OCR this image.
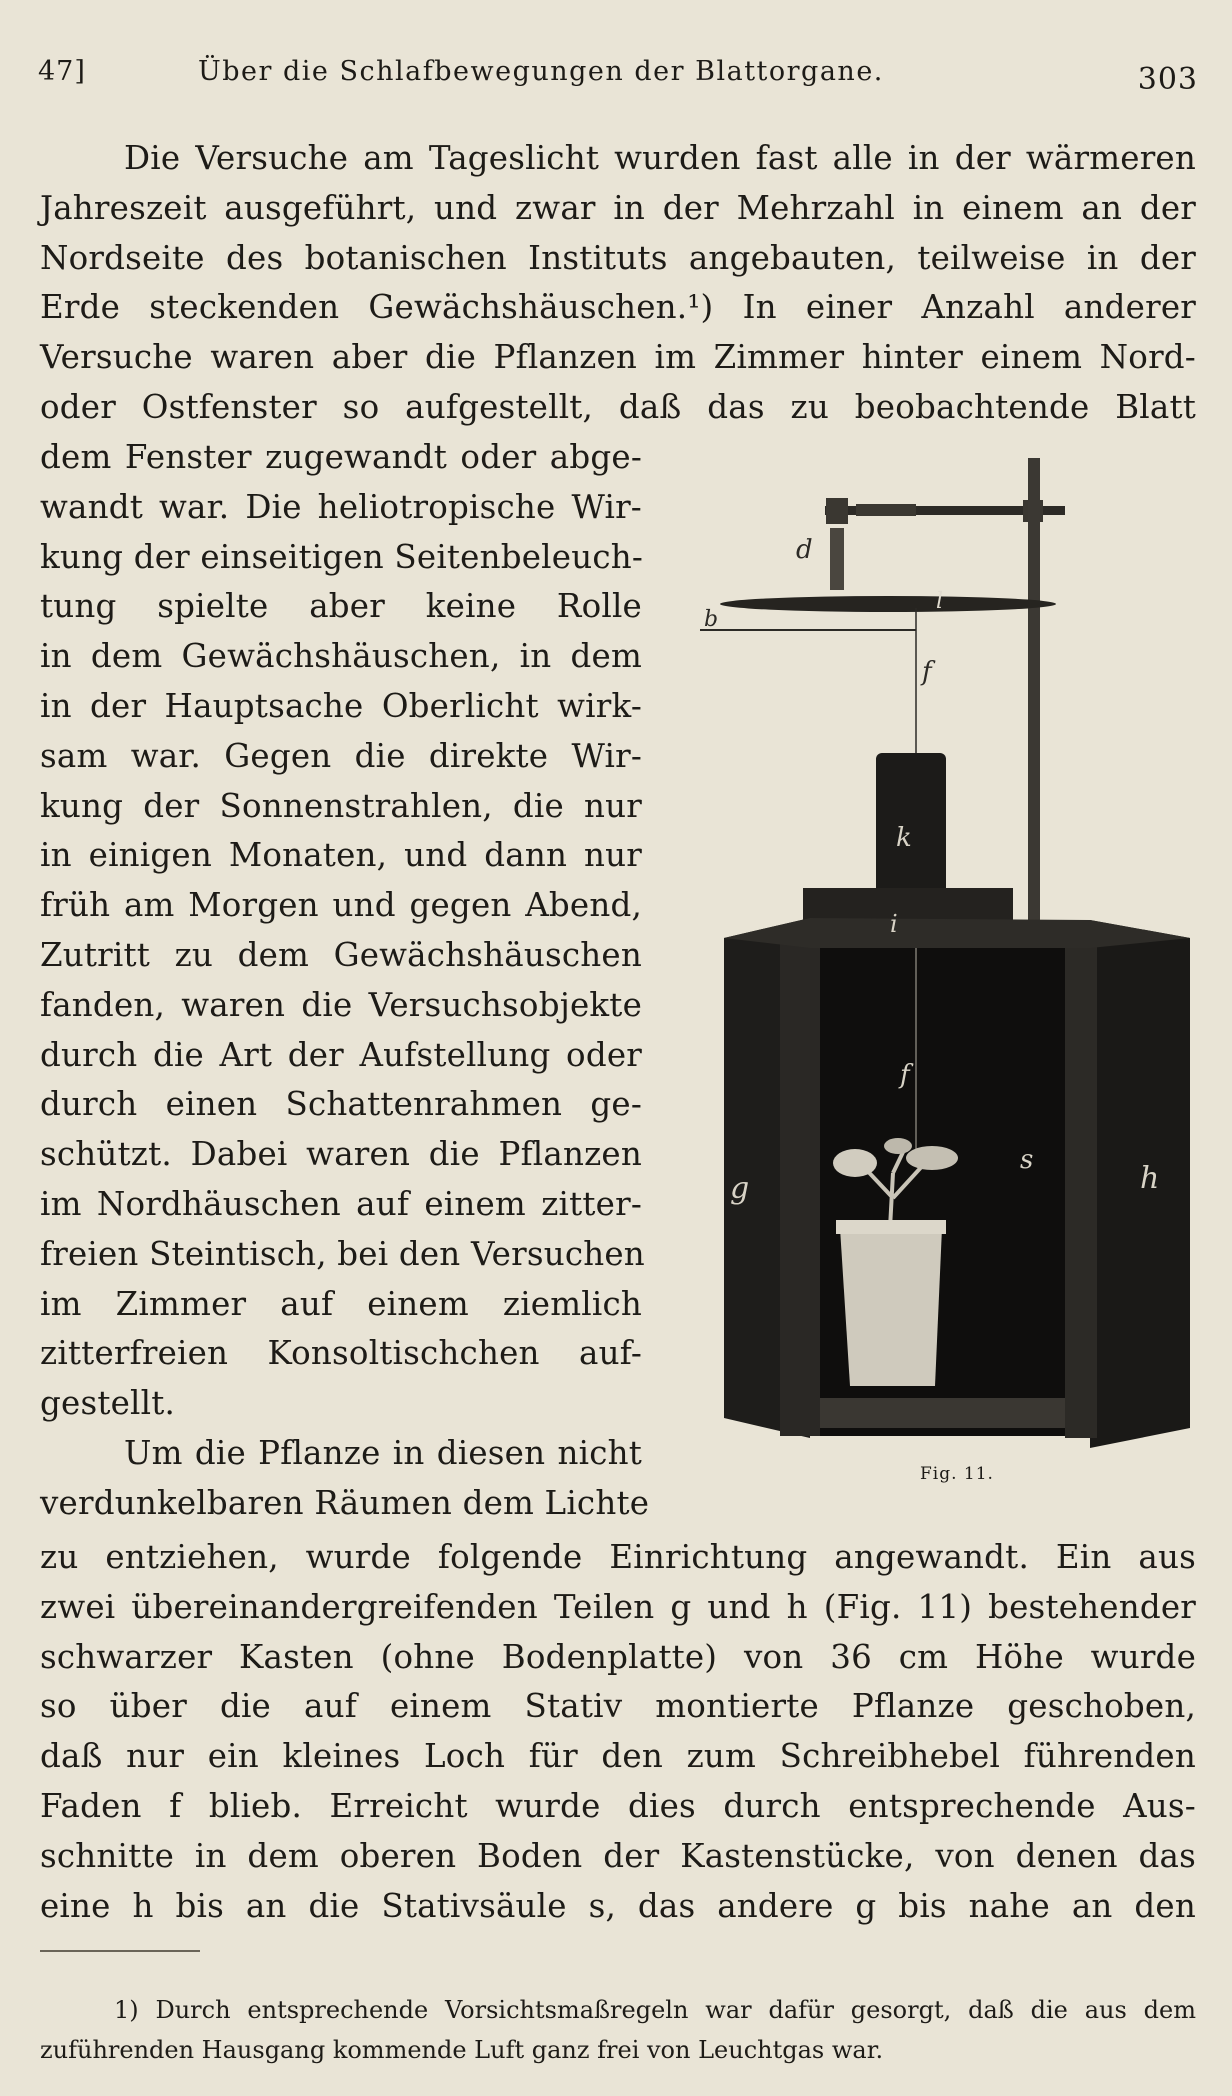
47]	Über die Schlafbewegungen der Blattorgane.	303
Die Versuche am Tageslicht wurden fast alle in der wärmeren
Jahreszeit ausgeführt, und zwar in der Mehrzahl in einem an der
Nordseite des botanischen Instituts angebauten, teilweise in der
Erde steckenden Gewächshäuschen.¹) In einer Anzahl anderer
Versuche waren aber die Pflanzen im Zimmer hinter einem Nord-
oder Ostfenster so aufgestellt, daß das zu beobachtende Blatt
dem Fenster zugewandt oder abge-
wandt war. Die heliotropische Wir-
kung der einseitigen Seitenbeleuch-
tung spielte aber keine Rolle
in dem Gewächshäuschen, in dem
in der Hauptsache Oberlicht wirk-
sam war. Gegen die direkte Wir-
kung der Sonnenstrahlen, die nur
in einigen Monaten, und dann nur
früh am Morgen und gegen Abend,
Zutritt zu dem Gewächshäuschen
fanden, waren die Versuchsobjekte
durch die Art der Aufstellung oder
durch einen Schattenrahmen ge-
schützt. Dabei waren die Pflanzen
im Nordhäuschen auf einem zitter-
freien Steintisch, bei den Versuchen
im Zimmer auf einem ziemlich
zitterfreien Konsoltischchen auf-
gestellt.
Um die Pflanze in diesen nicht
verdunkelbaren Räumen dem Lichte
zu entziehen, wurde folgende Einrichtung angewandt. Ein aus
zwei übereinandergreifenden Teilen g und h (Fig. 11) bestehender
schwarzer Kasten (ohne Bodenplatte) von 36 cm Höhe wurde
so über die auf einem Stativ montierte Pflanze geschoben,
daß nur ein kleines Loch für den zum Schreibhebel führenden
Faden f blieb. Erreicht wurde dies durch entsprechende Aus-
schnitte in dem oberen Boden der Kastenstücke, von denen das
eine h bis an die Stativsäule s, das andere g bis nahe an den
d
l
b
f
k
i
f
s
g	h
Fig. 11.
1) Durch entsprechende Vorsichtsmaßregeln war dafür gesorgt, daß die aus dem
zuführenden Hausgang kommende Luft ganz frei von Leuchtgas war.
